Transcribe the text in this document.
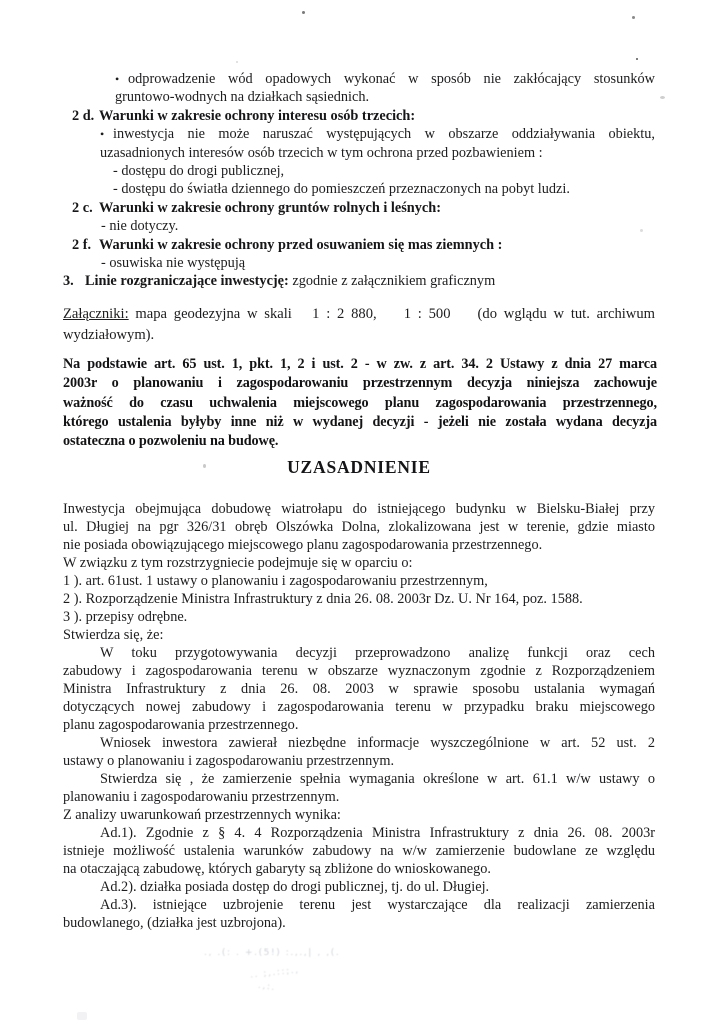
• odprowadzenie wód opadowych wykonać w sposób nie zakłócający stosunków
gruntowo-wodnych na działkach sąsiednich.
2 d. Warunki w zakresie ochrony interesu osób trzecich:
• inwestycja nie może naruszać występujących w obszarze oddziaływania obiektu,
uzasadnionych interesów osób trzecich w tym ochrona przed pozbawieniem :
- dostępu do drogi publicznej,
- dostępu do światła dziennego do pomieszczeń przeznaczonych na pobyt ludzi.
2 c. Warunki w zakresie ochrony gruntów rolnych i leśnych:
- nie dotyczy.
2 f. Warunki w zakresie ochrony przed osuwaniem się mas ziemnych :
- osuwiska nie występują
3. Linie rozgraniczające inwestycję: zgodnie z załącznikiem graficznym
Załączniki: mapa geodezyjna w skali   1 : 2 880,    1 : 500    (do wglądu w tut. archiwum
wydziałowym).
Na podstawie art. 65 ust. 1, pkt. 1, 2 i ust. 2 - w zw. z art. 34. 2 Ustawy z dnia 27 marca
2003r o planowaniu i zagospodarowaniu przestrzennym decyzja niniejsza zachowuje
ważność do czasu uchwalenia miejscowego planu zagospodarowania przestrzennego,
którego ustalenia byłyby inne niż w wydanej decyzji - jeżeli nie została wydana decyzja
ostateczna o pozwoleniu na budowę.
UZASADNIENIE
Inwestycja obejmująca dobudowę wiatrołapu do istniejącego budynku w Bielsku-Białej przy
ul. Długiej na pgr 326/31 obręb Olszówka Dolna, zlokalizowana jest w terenie, gdzie miasto
nie posiada obowiązującego miejscowego planu zagospodarowania przestrzennego.
W związku z tym rozstrzygniecie podejmuje się w oparciu o:
1 ). art. 61ust. 1 ustawy o planowaniu i zagospodarowaniu przestrzennym,
2 ). Rozporządzenie Ministra Infrastruktury z dnia 26. 08. 2003r Dz. U. Nr 164, poz. 1588.
3 ). przepisy odrębne.
Stwierdza się, że:
W toku przygotowywania decyzji przeprowadzono analizę funkcji oraz cech
zabudowy i zagospodarowania terenu w obszarze wyznaczonym zgodnie z Rozporządzeniem
Ministra Infrastruktury z dnia 26. 08. 2003 w sprawie sposobu ustalania wymagań
dotyczących nowej zabudowy i zagospodarowania terenu w przypadku braku miejscowego
planu zagospodarowania przestrzennego.
Wniosek inwestora zawierał niezbędne informacje wyszczególnione w art. 52 ust. 2
ustawy o planowaniu i zagospodarowaniu przestrzennym.
Stwierdza się , że zamierzenie spełnia wymagania określone w art. 61.1 w/w ustawy o
planowaniu i zagospodarowaniu przestrzennym.
Z analizy uwarunkowań przestrzennych wynika:
Ad.1). Zgodnie z § 4. 4 Rozporządzenia Ministra Infrastruktury z dnia 26. 08. 2003r
istnieje możliwość ustalenia warunków zabudowy na w/w zamierzenie budowlane ze względu
na otaczającą zabudowę, których gabaryty są zbliżone do wnioskowanego.
Ad.2). działka posiada dostęp do drogi publicznej, tj. do ul. Długiej.
Ad.3). istniejące uzbrojenie terenu jest wystarczające dla realizacji zamierzenia
budowlanego, (działka jest uzbrojona).
., .(: . +.(5!) :.,.,| , ,(.
.. ;,.::;.,
.,:.
